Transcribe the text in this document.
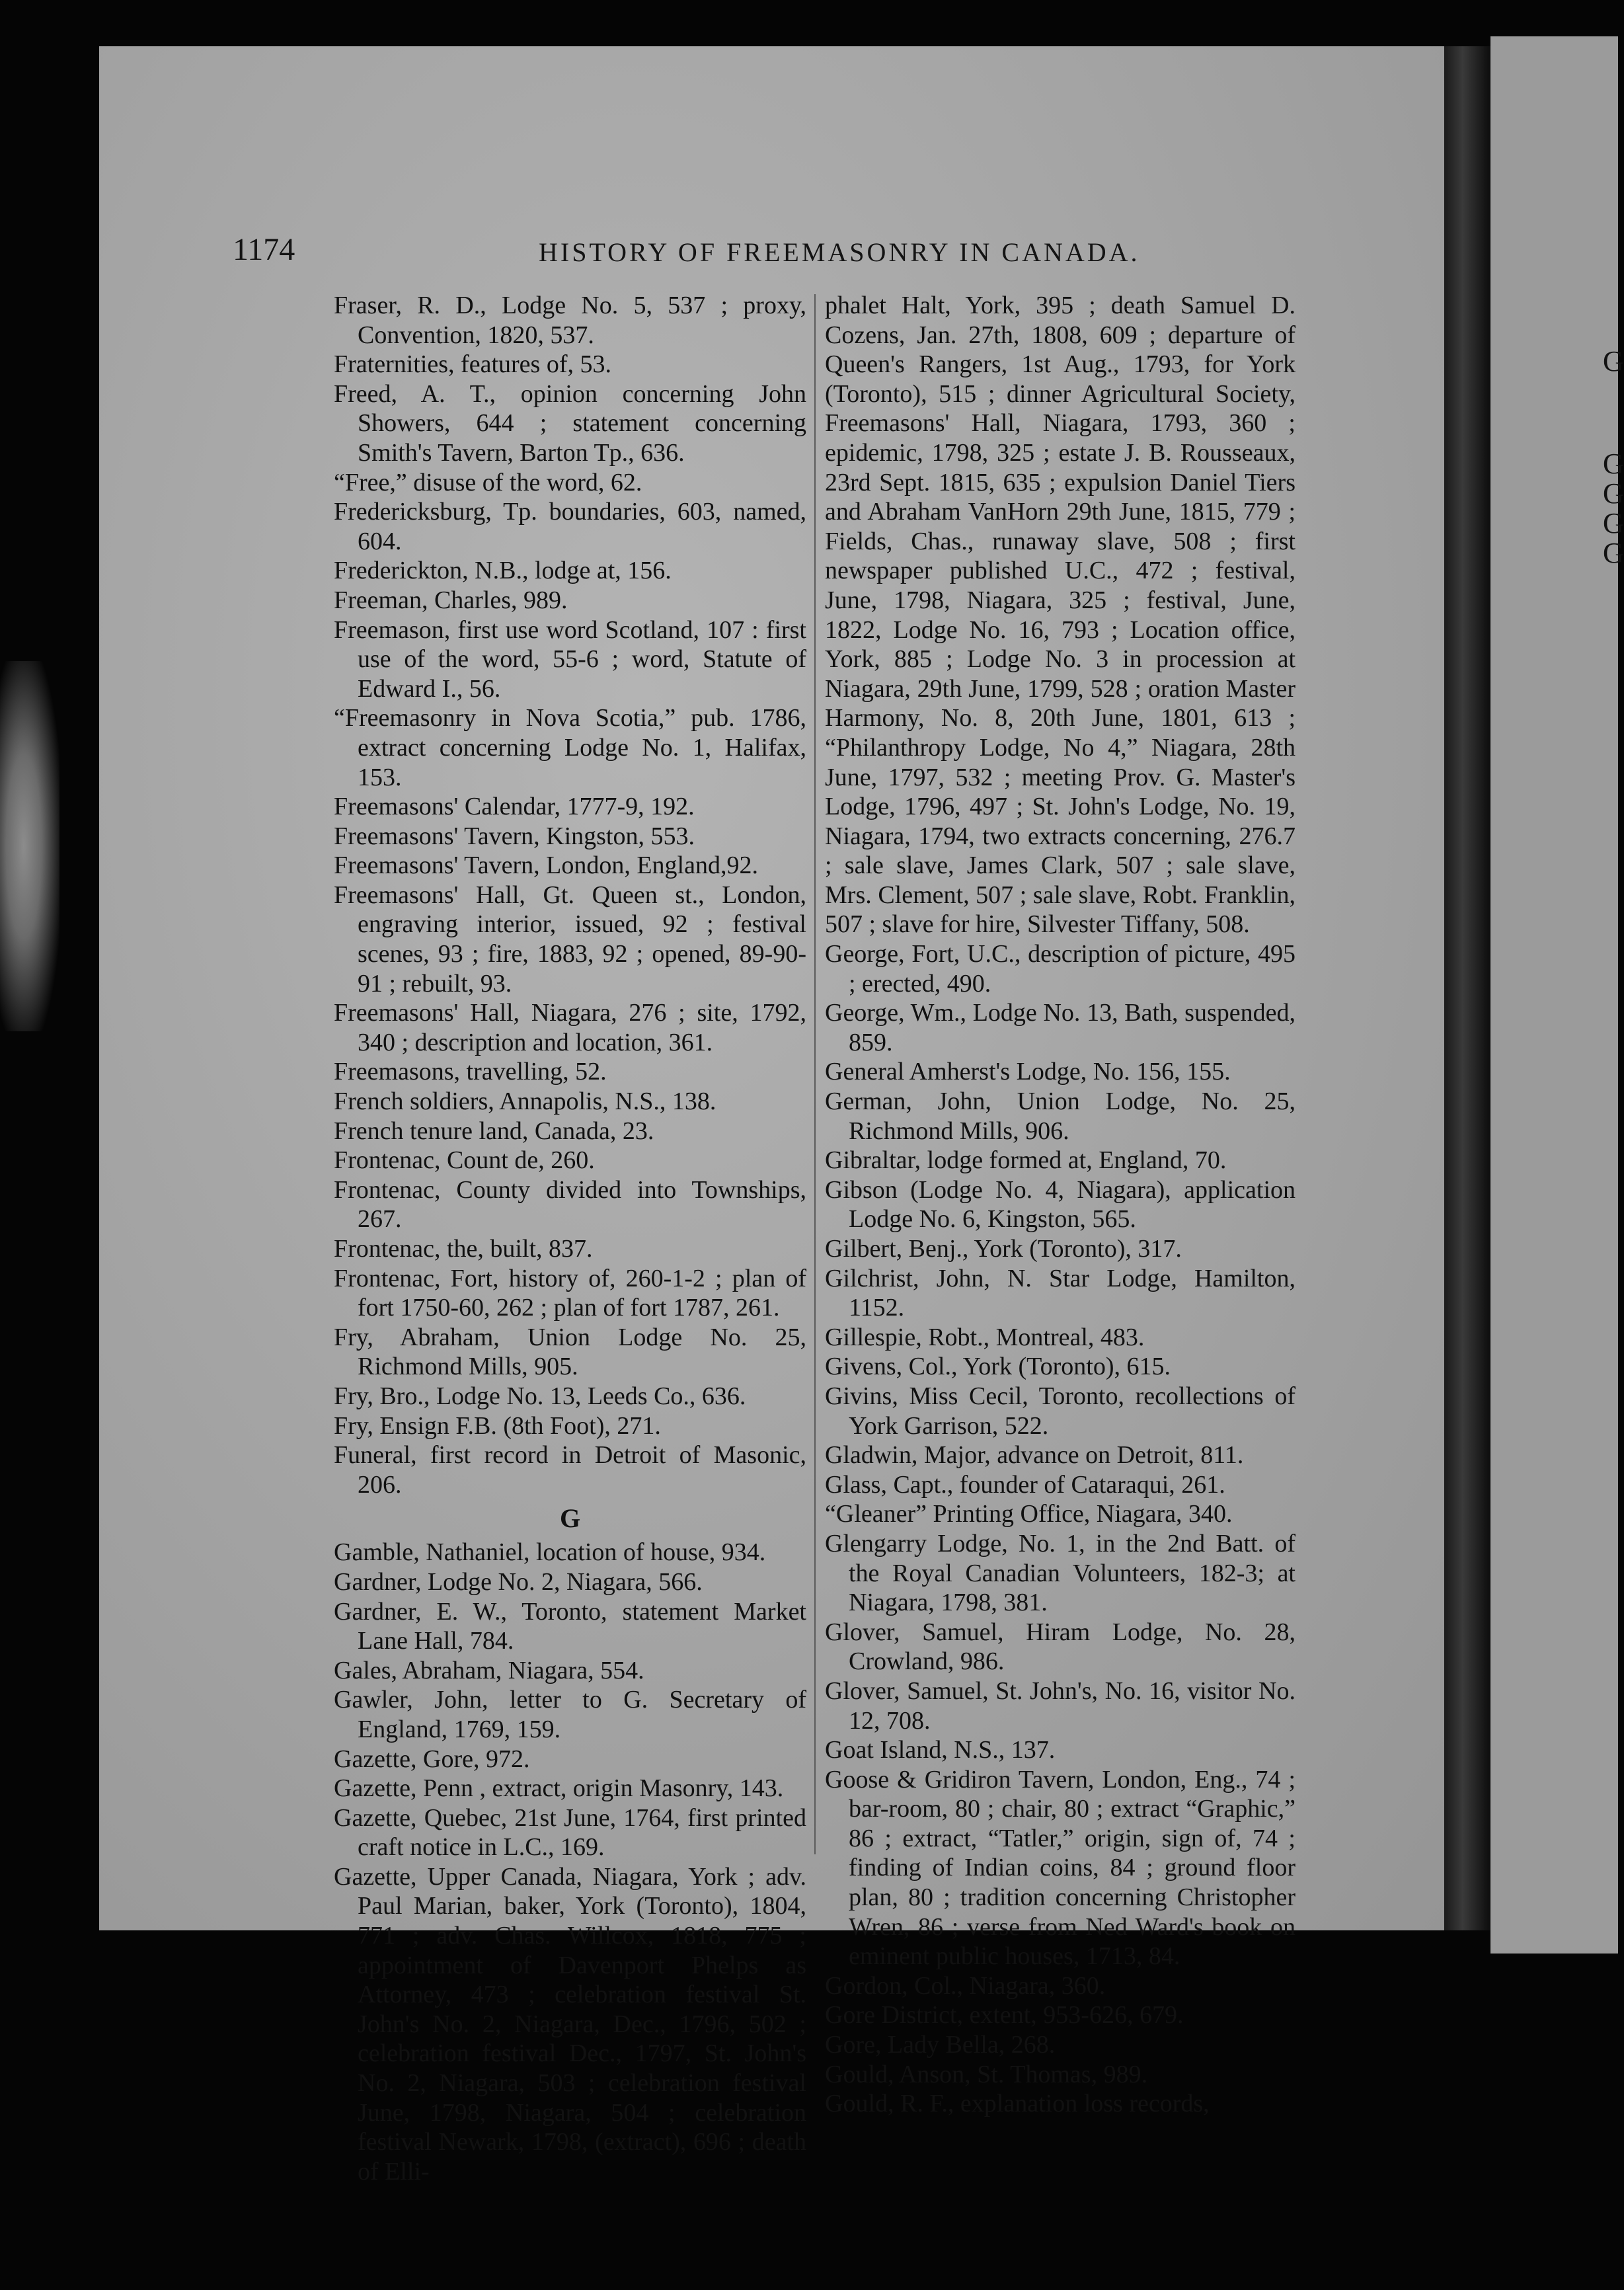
G
G
G
G
G
1174	HISTORY OF FREEMASONRY IN CANADA.

Fraser, R. D., Lodge No. 5, 537 ; proxy, Convention, 1820, 537.

Fraternities, features of, 53.

Freed, A. T., opinion concerning John Showers, 644 ; statement concerning Smith's Tavern, Barton Tp., 636.

“Free,” disuse of the word, 62.

Fredericksburg, Tp. boundaries, 603, named, 604.

Frederickton, N.B., lodge at, 156.

Freeman, Charles, 989.

Freemason, first use word Scotland, 107 : first use of the word, 55-6 ; word, Statute of Edward I., 56.

“Freemasonry in Nova Scotia,” pub. 1786, extract concerning Lodge No. 1, Halifax, 153.

Freemasons' Calendar, 1777-9, 192.

Freemasons' Tavern, Kingston, 553.

Freemasons' Tavern, London, England,92.

Freemasons' Hall, Gt. Queen st., London, engraving interior, issued, 92 ; festival scenes, 93 ; fire, 1883, 92 ; opened, 89-90-91 ; rebuilt, 93.

Freemasons' Hall, Niagara, 276 ; site, 1792, 340 ; description and location, 361.

Freemasons, travelling, 52.

French soldiers, Annapolis, N.S., 138.

French tenure land, Canada, 23.

Frontenac, Count de, 260.

Frontenac, County divided into Townships, 267.

Frontenac, the, built, 837.

Frontenac, Fort, history of, 260-1-2 ; plan of fort 1750-60, 262 ; plan of fort 1787, 261.

Fry, Abraham, Union Lodge No. 25, Richmond Mills, 905.

Fry, Bro., Lodge No. 13, Leeds Co., 636.

Fry, Ensign F.B. (8th Foot), 271.

Funeral, first record in Detroit of Masonic, 206.

G

Gamble, Nathaniel, location of house, 934.

Gardner, Lodge No. 2, Niagara, 566.

Gardner, E. W., Toronto, statement Market Lane Hall, 784.

Gales, Abraham, Niagara, 554.

Gawler, John, letter to G. Secretary of England, 1769, 159.

Gazette, Gore, 972.

Gazette, Penn , extract, origin Masonry, 143.

Gazette, Quebec, 21st June, 1764, first printed craft notice in L.C., 169.

Gazette, Upper Canada, Niagara, York ; adv. Paul Marian, baker, York (Toronto), 1804, 771 ; adv. Chas. Willcox, 1818, 775 ; appointment of Davenport Phelps as Attorney, 473 ; celebration festival St. John's No. 2, Niagara, Dec., 1796, 502 ; celebration festival Dec., 1797, St. John's No. 2, Niagara, 503 ; celebration festival June, 1798, Niagara, 504 ; celebration festival Newark, 1798, (extract), 696 ; death of Elli-

phalet Halt, York, 395 ; death Samuel D. Cozens, Jan. 27th, 1808, 609 ; departure of Queen's Rangers, 1st Aug., 1793, for York (Toronto), 515 ; dinner Agricultural Society, Freemasons' Hall, Niagara, 1793, 360 ; epidemic, 1798, 325 ; estate J. B. Rousseaux, 23rd Sept. 1815, 635 ; expulsion Daniel Tiers and Abraham VanHorn 29th June, 1815, 779 ; Fields, Chas., runaway slave, 508 ; first newspaper published U.C., 472 ; festival, June, 1798, Niagara, 325 ; festival, June, 1822, Lodge No. 16, 793 ; Location office, York, 885 ; Lodge No. 3 in procession at Niagara, 29th June, 1799, 528 ; oration Master Harmony, No. 8, 20th June, 1801, 613 ; “Philanthropy Lodge, No 4,” Niagara, 28th June, 1797, 532 ; meeting Prov. G. Master's Lodge, 1796, 497 ; St. John's Lodge, No. 19, Niagara, 1794, two extracts concerning, 276.7 ; sale slave, James Clark, 507 ; sale slave, Mrs. Clement, 507 ; sale slave, Robt. Franklin, 507 ; slave for hire, Silvester Tiffany, 508.

George, Fort, U.C., description of picture, 495 ; erected, 490.

George, Wm., Lodge No. 13, Bath, suspended, 859.

General Amherst's Lodge, No. 156, 155.

German, John, Union Lodge, No. 25, Richmond Mills, 906.

Gibraltar, lodge formed at, England, 70.

Gibson (Lodge No. 4, Niagara), application Lodge No. 6, Kingston, 565.

Gilbert, Benj., York (Toronto), 317.

Gilchrist, John, N. Star Lodge, Hamilton, 1152.

Gillespie, Robt., Montreal, 483.

Givens, Col., York (Toronto), 615.

Givins, Miss Cecil, Toronto, recollections of York Garrison, 522.

Gladwin, Major, advance on Detroit, 811.

Glass, Capt., founder of Cataraqui, 261.

“Gleaner” Printing Office, Niagara, 340.

Glengarry Lodge, No. 1, in the 2nd Batt. of the Royal Canadian Volunteers, 182-3; at Niagara, 1798, 381.

Glover, Samuel, Hiram Lodge, No. 28, Crowland, 986.

Glover, Samuel, St. John's, No. 16, visitor No. 12, 708.

Goat Island, N.S., 137.

Goose & Gridiron Tavern, London, Eng., 74 ; bar-room, 80 ; chair, 80 ; extract “Graphic,” 86 ; extract, “Tatler,” origin, sign of, 74 ; finding of Indian coins, 84 ; ground floor plan, 80 ; tradition concerning Christopher Wren, 86 ; verse from Ned Ward's book on eminent public houses, 1713, 84.

Gordon, Col., Niagara, 360.

Gore District, extent, 953-626, 679.

Gore, Lady Bella, 268.

Gould, Anson, St. Thomas, 989.

Gould, R. F., explanation loss records,
